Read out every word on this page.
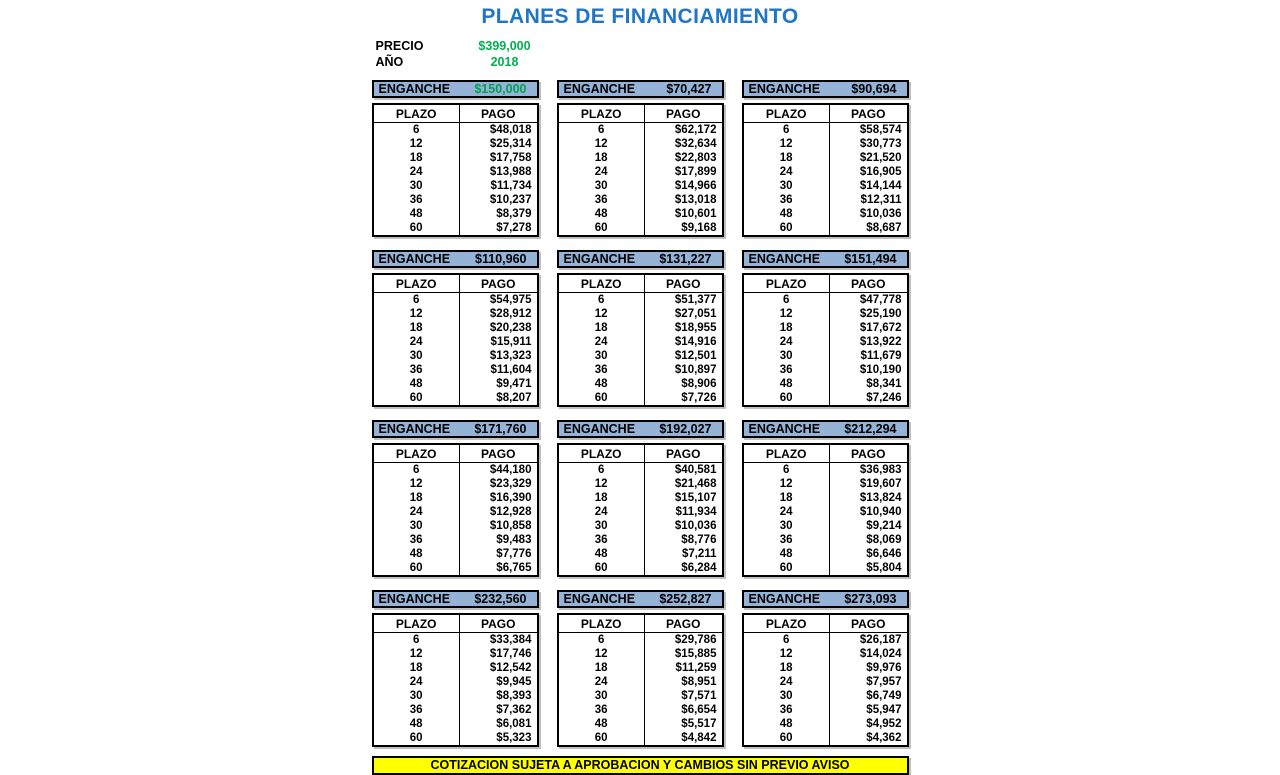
PLANES DE FINANCIAMIENTO
PRECIO	$399,000
AÑO	2018
ENGANCHE $150,000
PLAZO	PAGO
6	$48,018
12	$25,314
18	$17,758
24	$13,988
30	$11,734
36	$10,237
48	$8,379
60	$7,278
ENGANCHE	$70,427
PLAZO	PAGO
6	$62,172
12	$32,634
18	$22,803
24	$17,899
30	$14,966
36	$13,018
48	$10,601
60	$9,168
ENGANCHE	$90,694
PLAZO	PAGO
6	$58,574
12	$30,773
18	$21,520
24	$16,905
30	$14,144
36	$12,311
48	$10,036
60	$8,687
ENGANCHE $110,960
PLAZO	PAGO
6	$54,975
12	$28,912
18	$20,238
24	$15,911
30	$13,323
36	$11,604
48	$9,471
60	$8,207
ENGANCHE $131,227
PLAZO	PAGO
6	$51,377
12	$27,051
18	$18,955
24	$14,916
30	$12,501
36	$10,897
48	$8,906
60	$7,726
ENGANCHE $151,494
PLAZO	PAGO
6	$47,778
12	$25,190
18	$17,672
24	$13,922
30	$11,679
36	$10,190
48	$8,341
60	$7,246
ENGANCHE $171,760
PLAZO	PAGO
6	$44,180
12	$23,329
18	$16,390
24	$12,928
30	$10,858
36	$9,483
48	$7,776
60	$6,765
ENGANCHE $192,027
PLAZO	PAGO
6	$40,581
12	$21,468
18	$15,107
24	$11,934
30	$10,036
36	$8,776
48	$7,211
60	$6,284
ENGANCHE $212,294
PLAZO	PAGO
6	$36,983
12	$19,607
18	$13,824
24	$10,940
30	$9,214
36	$8,069
48	$6,646
60	$5,804
ENGANCHE $232,560
PLAZO	PAGO
6	$33,384
12	$17,746
18	$12,542
24	$9,945
30	$8,393
36	$7,362
48	$6,081
60	$5,323
ENGANCHE $252,827
PLAZO	PAGO
6	$29,786
12	$15,885
18	$11,259
24	$8,951
30	$7,571
36	$6,654
48	$5,517
60	$4,842
ENGANCHE $273,093
PLAZO	PAGO
6	$26,187
12	$14,024
18	$9,976
24	$7,957
30	$6,749
36	$5,947
48	$4,952
60	$4,362
COTIZACION SUJETA A APROBACION Y CAMBIOS SIN PREVIO AVISO
